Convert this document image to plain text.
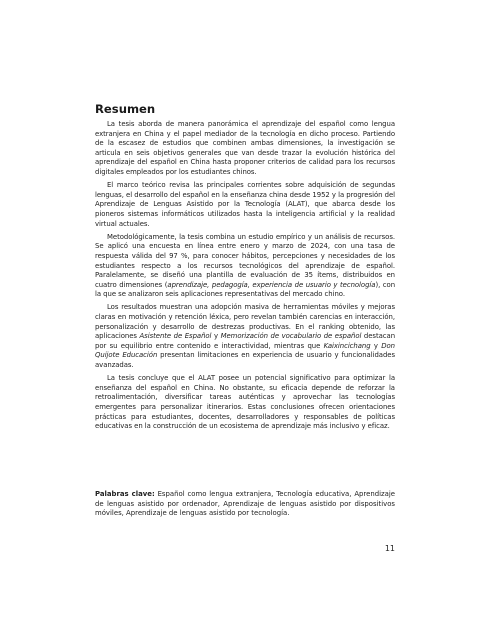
Resumen

La tesis aborda de manera panorámica el aprendizaje del español como lengua extranjera en China y el papel mediador de la tecnología en dicho proceso. Partiendo de la escasez de estudios que combinen ambas dimensiones, la investigación se articula en seis objetivos generales que van desde trazar la evolución histórica del aprendizaje del español en China hasta proponer criterios de calidad para los recursos digitales empleados por los estudiantes chinos.

El marco teórico revisa las principales corrientes sobre adquisición de segundas lenguas, el desarrollo del español en la enseñanza china desde 1952 y la progresión del Aprendizaje de Lenguas Asistido por la Tecnología (ALAT), que abarca desde los pioneros sistemas informáticos utilizados hasta la inteligencia artificial y la realidad virtual actuales.

Metodológicamente, la tesis combina un estudio empírico y un análisis de recursos. Se aplicó una encuesta en línea entre enero y marzo de 2024, con una tasa de respuesta válida del 97 %, para conocer hábitos, percepciones y necesidades de los estudiantes respecto a los recursos tecnológicos del aprendizaje de español. Paralelamente, se diseñó una plantilla de evaluación de 35 ítems, distribuidos en cuatro dimensiones (aprendizaje, pedagogía, experiencia de usuario y tecnología), con la que se analizaron seis aplicaciones representativas del mercado chino.

Los resultados muestran una adopción masiva de herramientas móviles y mejoras claras en motivación y retención léxica, pero revelan también carencias en interacción, personalización y desarrollo de destrezas productivas. En el ranking obtenido, las aplicaciones Asistente de Español y Memorización de vocabulario de español destacan por su equilibrio entre contenido e interactividad, mientras que Kaixincichang y Don Quijote Educación presentan limitaciones en experiencia de usuario y funcionalidades avanzadas.

La tesis concluye que el ALAT posee un potencial significativo para optimizar la enseñanza del español en China. No obstante, su eficacia depende de reforzar la retroalimentación, diversificar tareas auténticas y aprovechar las tecnologías emergentes para personalizar itinerarios. Estas conclusiones ofrecen orientaciones prácticas para estudiantes, docentes, desarrolladores y responsables de políticas educativas en la construcción de un ecosistema de aprendizaje más inclusivo y eficaz.

Palabras clave: Español como lengua extranjera, Tecnología educativa, Aprendizaje de lenguas asistido por ordenador, Aprendizaje de lenguas asistido por dispositivos móviles, Aprendizaje de lenguas asistido por tecnología.

11
